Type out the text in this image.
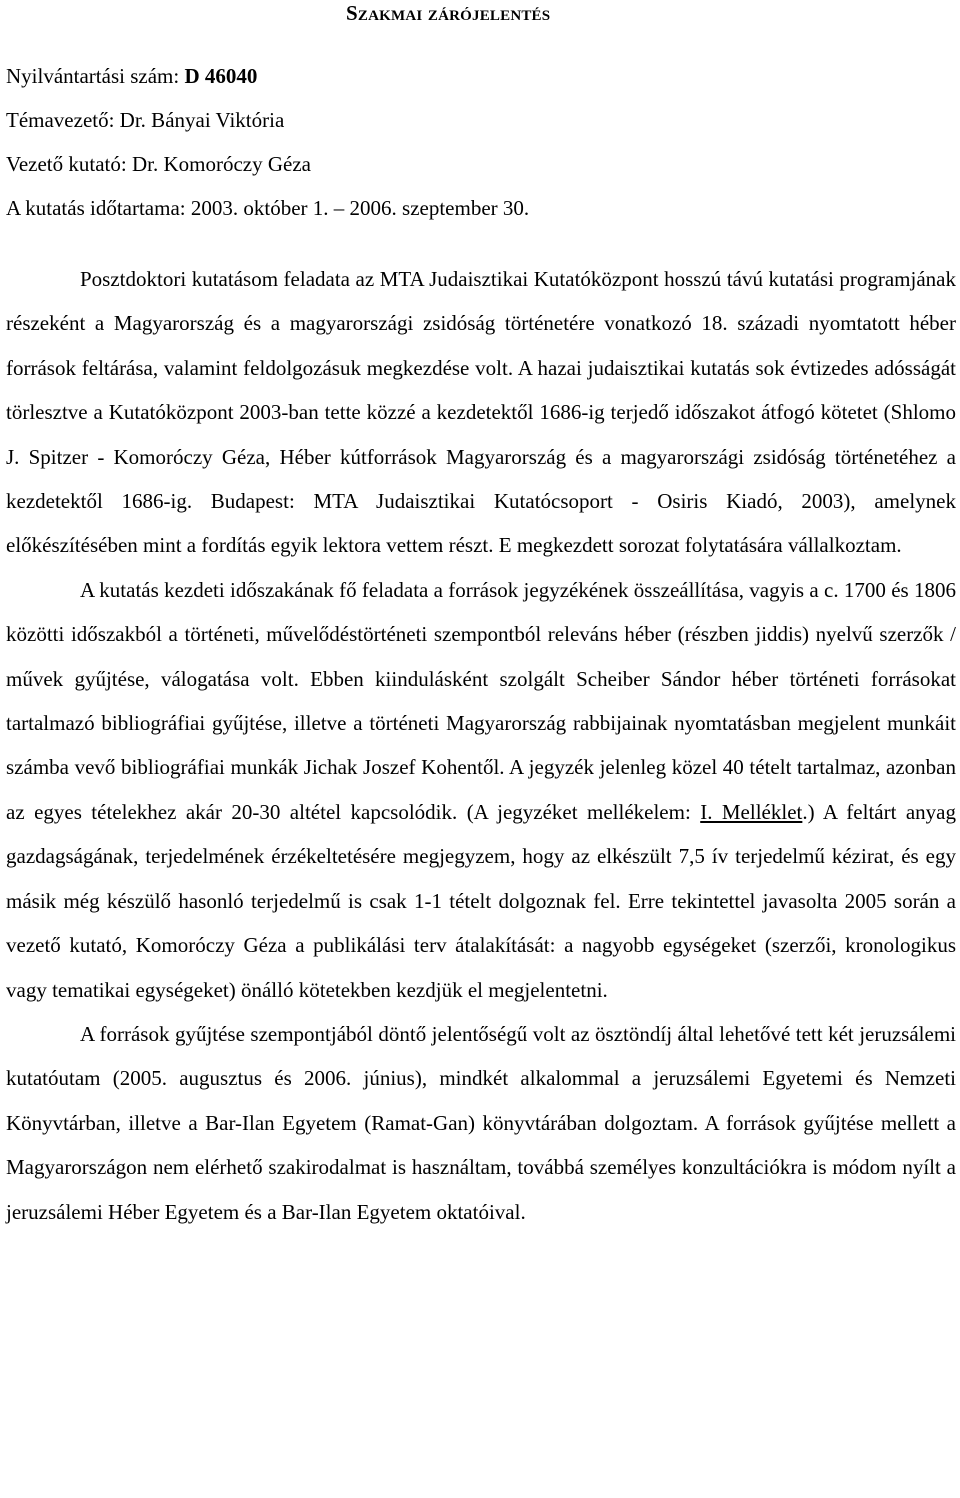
Szakmai zárójelentés
Nyilvántartási szám: D 46040
Témavezető: Dr. Bányai Viktória
Vezető kutató: Dr. Komoróczy Géza
A kutatás időtartama: 2003. október 1. – 2006. szeptember 30.

Posztdoktori kutatásom feladata az MTA Judaisztikai Kutatóközpont hosszú távú kutatási programjának részeként a Magyarország és a magyarországi zsidóság történetére vonatkozó 18. századi nyomtatott héber források feltárása, valamint feldolgozásuk megkezdése volt. A hazai judaisztikai kutatás sok évtizedes adósságát törlesztve a Kutatóközpont 2003-ban tette közzé a kezdetektől 1686-ig terjedő időszakot átfogó kötetet (Shlomo J. Spitzer - Komoróczy Géza, Héber kútforrások Magyarország és a magyarországi zsidóság történetéhez a kezdetektől 1686-ig. Budapest: MTA Judaisztikai Kutatócsoport - Osiris Kiadó, 2003), amelynek előkészítésében mint a fordítás egyik lektora vettem részt. E megkezdett sorozat folytatására vállalkoztam.

A kutatás kezdeti időszakának fő feladata a források jegyzékének összeállítása, vagyis a c. 1700 és 1806 közötti időszakból a történeti, művelődéstörténeti szempontból releváns héber (részben jiddis) nyelvű szerzők / művek gyűjtése, válogatása volt. Ebben kiindulásként szolgált Scheiber Sándor héber történeti forrásokat tartalmazó bibliográfiai gyűjtése, illetve a történeti Magyarország rabbijainak nyomtatásban megjelent munkáit számba vevő bibliográfiai munkák Jichak Joszef Kohentől. A jegyzék jelenleg közel 40 tételt tartalmaz, azonban az egyes tételekhez akár 20-30 altétel kapcsolódik. (A jegyzéket mellékelem: I. Melléklet.) A feltárt anyag gazdagságának, terjedelmének érzékeltetésére megjegyzem, hogy az elkészült 7,5 ív terjedelmű kézirat, és egy másik még készülő hasonló terjedelmű is csak 1-1 tételt dolgoznak fel. Erre tekintettel javasolta 2005 során a vezető kutató, Komoróczy Géza a publikálási terv átalakítását: a nagyobb egységeket (szerzői, kronologikus vagy tematikai egységeket) önálló kötetekben kezdjük el megjelentetni.

A források gyűjtése szempontjából döntő jelentőségű volt az ösztöndíj által lehetővé tett két jeruzsálemi kutatóutam (2005. augusztus és 2006. június), mindkét alkalommal a jeruzsálemi Egyetemi és Nemzeti Könyvtárban, illetve a Bar-Ilan Egyetem (Ramat-Gan) könyvtárában dolgoztam. A források gyűjtése mellett a Magyarországon nem elérhető szakirodalmat is használtam, továbbá személyes konzultációkra is módom nyílt a jeruzsálemi Héber Egyetem és a Bar-Ilan Egyetem oktatóival.
